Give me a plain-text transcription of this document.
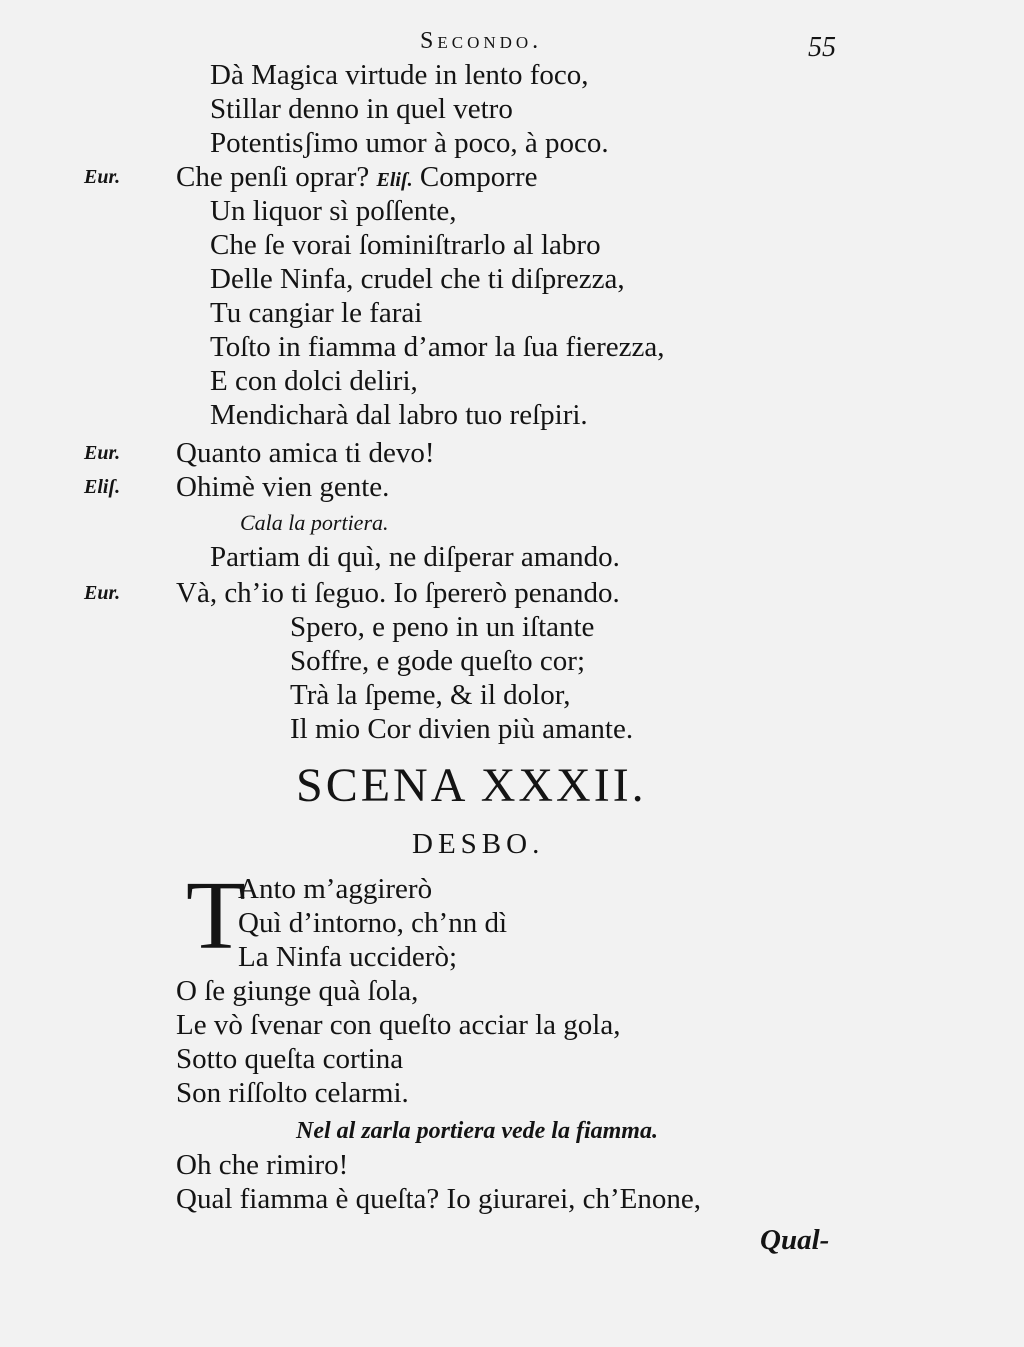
Secondo.	55
Dà Magica virtude in lento foco,
Stillar denno in quel vetro
Potentisʃimo umor à poco, à poco.
Eur. Che penſi oprar? Eliſ. Comporre
Un liquor sì poſſente,
Che ſe vorai ſominiſtrarlo al labro
Delle Ninfa, crudel che ti diſprezza,
Tu cangiar le farai
Toſto in fiamma d’amor la ſua fierezza,
E con dolci deliri,
Mendicharà dal labro tuo reſpiri.
Eur. Quanto amica ti devo!
Eliſ. Ohimè vien gente.
Cala la portiera.
Partiam di quì, ne diſperar amando.
Eur. Và, ch’io ti ſeguo. Io ſpererò penando.
Spero, e peno in un iſtante
Soffre, e gode queſto cor;
Trà la ſpeme, & il dolor,
Il mio Cor divien più amante.
SCENA XXXII.
DESBO.
T
Anto m’aggirerò
Quì d’intorno, ch’nn dì
La Ninfa ucciderò;
O ſe giunge quà ſola,
Le vò ſvenar con queſto acciar la gola,
Sotto queſta cortina
Son riſſolto celarmi.
Nel al zarla portiera vede la fiamma.
Oh che rimiro!
Qual fiamma è queſta? Io giurarei, ch’Enone,
Qual-
